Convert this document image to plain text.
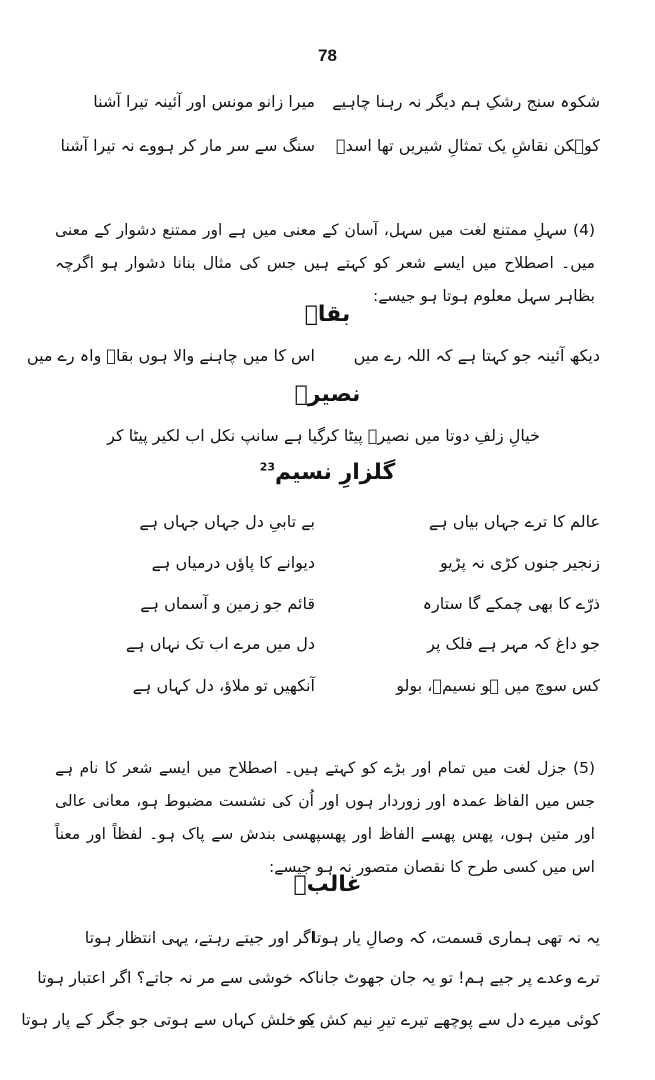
78
شکوہ سنج رشکِ ہم دیگر نہ رہنا چاہیے
میرا زانو مونس اور آئینہ تیرا آشنا
کوہکن نقاشِ یک تمثالِ شیریں تھا اسدؔ
سنگ سے سر مار کر ہووے نہ تیرا آشنا
(4) سہلِ ممتنع لغت میں سہل، آسان کے معنی میں ہے اور ممتنع دشوار کے معنی میں۔ اصطلاح میں ایسے شعر کو کہتے ہیں جس کی مثال بنانا دشوار ہو اگرچہ بظاہر سہل معلوم ہوتا ہو جیسے:
بقاؔ
دیکھ آئینہ جو کہتا ہے کہ اللہ رے میں
اس کا میں چاہنے والا ہوں بقاؔ واہ رے میں
نصیرؔ
خیالِ زلفِ دوتا میں نصیرؔ پیٹا کر
گیا ہے سانپ نکل اب لکیر پیٹا کر
گلزارِ نسیم$^{23}$
عالم کا ترے جہاں بیاں ہے
بے تابیِ دل جہاں جہاں ہے
زنجیر جنوں کڑی نہ پڑیو
دیوانے کا پاؤں درمیاں ہے
ذرّے کا بھی چمکے گا ستارہ
قائم جو زمین و آسماں ہے
جو داغ کہ مہر ہے فلک پر
دل میں مرے اب تک نہاں ہے
کس سوچ میں ہو نسیمؔ، بولو
آنکھیں تو ملاؤ، دل کہاں ہے
(5) جزل لغت میں تمام اور بڑے کو کہتے ہیں۔ اصطلاح میں ایسے شعر کا نام ہے جس میں الفاظ عمدہ اور زوردار ہوں اور اُن کی نشست مضبوط ہو، معانی عالی اور متین ہوں، پھس پھسے الفاظ اور پھسپھسی بندش سے پاک ہو۔ لفظاً اور معناً اس میں کسی طرح کا نقصان متصور نہ ہو جیسے:
غالبؔ
یہ نہ تھی ہماری قسمت، کہ وصالِ یار ہوتا
اگر اور جیتے رہتے، یہی انتظار ہوتا
ترے وعدے پر جیے ہم! تو یہ جان جھوٹ جانا
کہ خوشی سے مر نہ جاتے؟ اگر اعتبار ہوتا
کوئی میرے دل سے پوچھے تیرے تیرِ نیم کش کو
یہ خلش کہاں سے ہوتی جو جگر کے پار ہوتا
